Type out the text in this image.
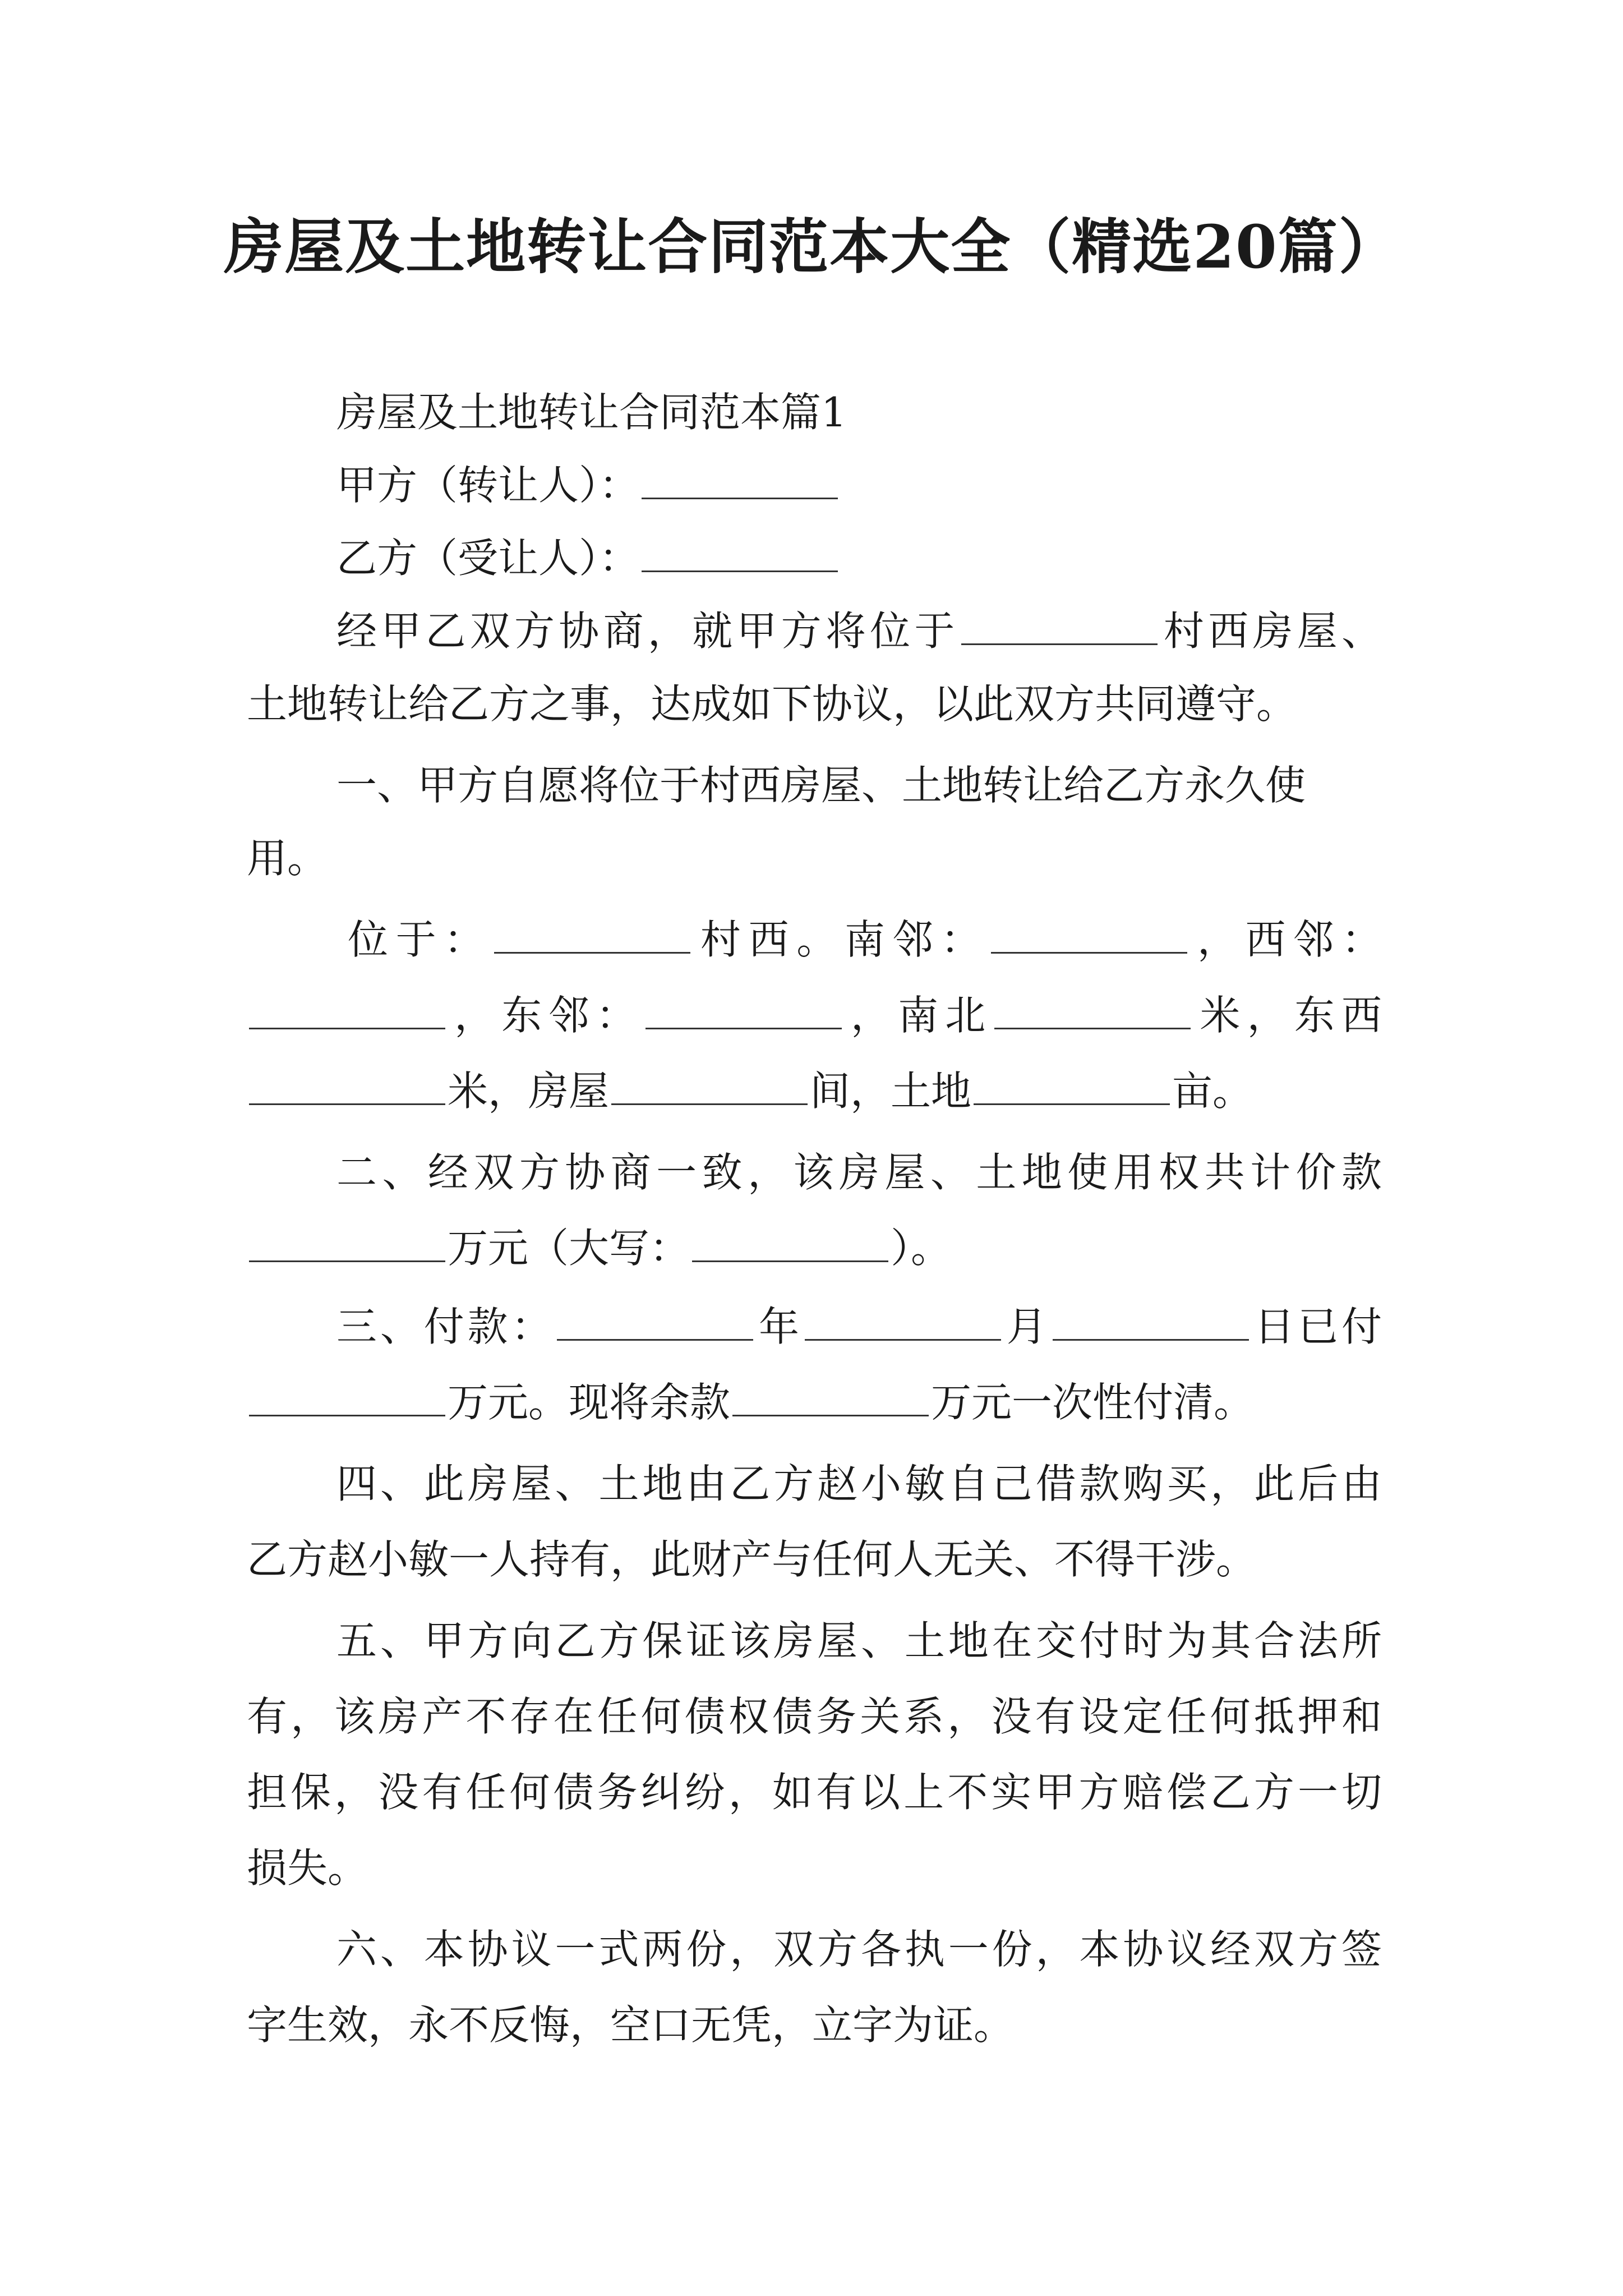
房屋及土地转让合同范本大全（精选20篇）

房屋及土地转让合同范本篇1

甲方（转让人）：

乙方（受让人）：

经甲乙双方协商，就甲方将位于	村西房屋、

土地转让给乙方之事，达成如下协议，以此双方共同遵守。

一、甲方自愿将位于村西房屋、土地转让给乙方永久使

用。

位于：	村西。南邻：	，西邻：

，东邻：	，南北	米，东西

米，房屋	间，土地	亩。

二、经双方协商一致，该房屋、土地使用权共计价款

万元（大写：	）。

三、付款：	年	月	日已付

万元。现将余款	万元一次性付清。

四、此房屋、土地由乙方赵小敏自己借款购买，此后由

乙方赵小敏一人持有，此财产与任何人无关、不得干涉。

五、甲方向乙方保证该房屋、土地在交付时为其合法所

有，该房产不存在任何债权债务关系，没有设定任何抵押和

担保，没有任何债务纠纷，如有以上不实甲方赔偿乙方一切

损失。

六、本协议一式两份，双方各执一份，本协议经双方签

字生效，永不反悔，空口无凭，立字为证。
